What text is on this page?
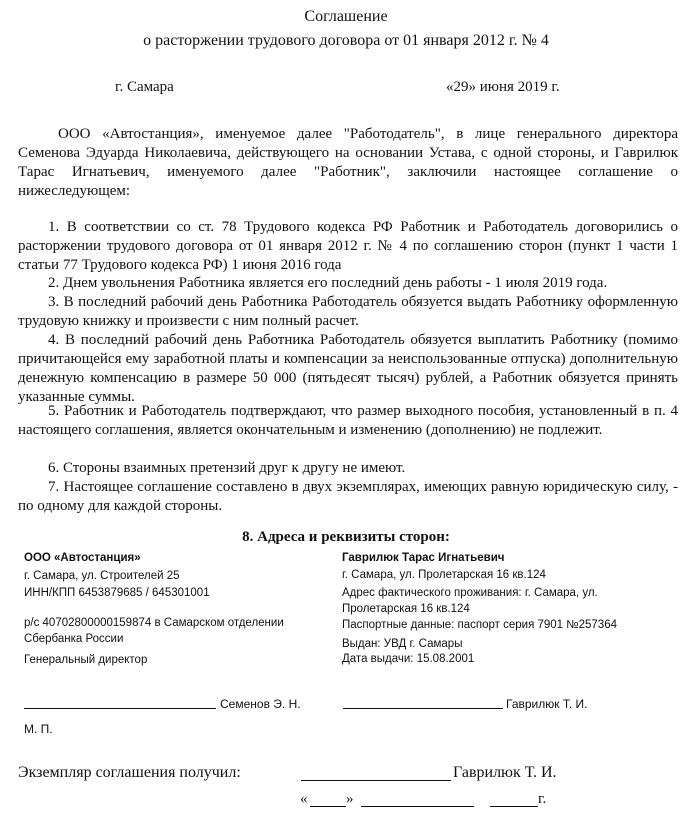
Соглашение
о расторжении трудового договора от 01 января 2012 г. № 4
г. Самара	«29» июня 2019 г.
ООО «Автостанция», именуемое далее "Работодатель", в лице генерального директора Семенова Эдуарда Николаевича, действующего на основании Устава, с одной стороны, и Гаврилюк Тарас Игнатьевич, именуемого далее "Работник", заключили настоящее соглашение о нижеследующем:
1. В соответствии со ст. 78 Трудового кодекса РФ Работник и Работодатель договорились о расторжении трудового договора от 01 января 2012 г. № 4 по соглашению сторон (пункт 1 части 1 статьи 77 Трудового кодекса РФ) 1 июня 2016 года
2. Днем увольнения Работника является его последний день работы - 1 июля 2019 года.
3. В последний рабочий день Работника Работодатель обязуется выдать Работнику оформленную трудовую книжку и произвести с ним полный расчет.
4. В последний рабочий день Работника Работодатель обязуется выплатить Работнику (помимо причитающейся ему заработной платы и компенсации за неиспользованные отпуска) дополнительную денежную компенсацию в размере 50 000 (пятьдесят тысяч) рублей, а Работник обязуется принять указанные суммы.
5. Работник и Работодатель подтверждают, что размер выходного пособия, установленный в п. 4 настоящего соглашения, является окончательным и изменению (дополнению) не подлежит.
6. Стороны взаимных претензий друг к другу не имеют.
7. Настоящее соглашение составлено в двух экземплярах, имеющих равную юридическую силу, - по одному для каждой стороны.
8. Адреса и реквизиты сторон:
ООО «Автостанция»
г. Самара, ул. Строителей 25
ИНН/КПП 6453879685 / 645301001
р/с 40702800000159874 в Самарском отделении
Сбербанка России
Генеральный директор
Гаврилюк Тарас Игнатьевич
г. Самара, ул. Пролетарская 16 кв.124
Адрес фактического проживания: г. Самара, ул.
Пролетарская 16 кв.124
Паспортные данные: паспорт серия 7901 №257364
Выдан: УВД г. Самары
Дата выдачи: 15.08.2001
Семенов Э. Н.	Гаврилюк Т. И.
М. П.
Экземпляр соглашения получил:	Гаврилюк Т. И.
«	»	г.
